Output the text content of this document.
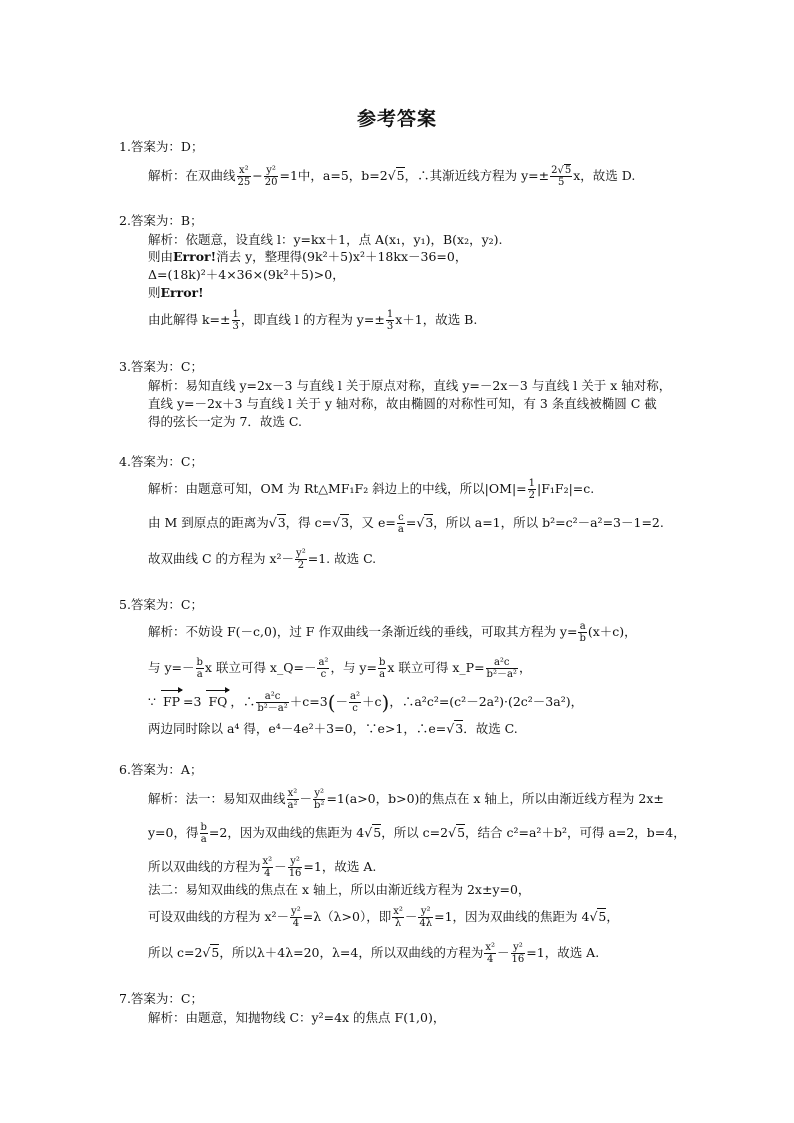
参考答案
1.答案为：D；
解析：在双曲线 $\frac{\text{x²}}{25} - \frac{\text{y²}}{20} =1$中，a=5，b=2√5，∴其渐近线方程为 $y=\pm \frac{2√5}{5}$ x，故选 D.
2.答案为：B；
解析：依题意，设直线 l：y=kx＋1，点 A(x₁，y₁)，B(x₂，y₂).
则由Error!消去 y，整理得(9k²＋5)x²＋18kx－36=0，
Δ=(18k)²＋4×36×(9k²＋5)>0，
则Error!
由此解得 $k=\pm \frac{1}{3}$ ，即直线 l 的方程为 $y=\pm \frac{1}{3} x+1$，故选 B.
3.答案为：C；
解析：易知直线 y=2x－3 与直线 l 关于原点对称，直线 y=－2x－3 与直线 l 关于 x 轴对称，
直线 y=－2x＋3 与直线 l 关于 y 轴对称，故由椭圆的对称性可知，有 3 条直线被椭圆 C 截
得的弦长一定为 7．故选 C.
4.答案为：C；
解析：由题意可知，OM 为 Rt△MF₁F₂ 斜边上的中线，所以$|OM|= \frac{1}{2} |F_1F_2|=c$.
由 M 到原点的距离为√3，得 c=√3，又 $e= \frac{c}{a} =√3$，所以 a=1，所以 b²=c²－a²=3－1=2.
故双曲线 C 的方程为 $x^2- \frac{\text{y²}}{2} =1$. 故选 C.
5.答案为：C；
解析：不妨设 F(－c,0)，过 F 作双曲线一条渐近线的垂线，可取其方程为 $y= \frac{a}{b} (x+c)$，
与 $y=- \frac{b}{a}$ x 联立可得 x_Q=－ $\frac{\text{a²}}{c}$ ，与 $y= \frac{b}{a}$ x 联立可得 x_P= $\frac{\text{a²c}}{\text{b²－a²}}$ ，
∵ FP =3 FQ ，∴ $\frac{\text{a²c}}{\text{b²－a²}} +c=3(- \frac{\text{a²}}{c} +c)$，∴a²c²=(c²－2a²)·(2c²－3a²)，
两边同时除以 a⁴ 得，e⁴－4e²＋3=0，∵e>1，∴e=√3．故选 C.
6.答案为：A；
解析：法一：易知双曲线 $\frac{\text{x²}}{\text{a²}} - \frac{\text{y²}}{\text{b²}} =1(a>0$，b>0)的焦点在 x 轴上，所以由渐近线方程为 2x±
y=0，得 $\frac{b}{a} =2$，因为双曲线的焦距为 4√5，所以 c=2√5，结合 c²=a²＋b²，可得 a=2，b=4，
所以双曲线的方程为 $\frac{\text{x²}}{4} - \frac{\text{y²}}{16} =1$，故选 A.
法二：易知双曲线的焦点在 x 轴上，所以由渐近线方程为 2x±y=0，
可设双曲线的方程为 $x^2- \frac{\text{y²}}{4} =\lambda(\lambda>0)$，即 $\frac{\text{x²}}{\lambda} - \frac{\text{y²}}{4\lambda} =1$，因为双曲线的焦距为 4√5，
所以 c=2√5，所以λ＋4λ=20，λ=4，所以双曲线的方程为 $\frac{\text{x²}}{4} - \frac{\text{y²}}{16} =1$，故选 A.
7.答案为：C；
解析：由题意，知抛物线 C：y²=4x 的焦点 F(1,0)，
